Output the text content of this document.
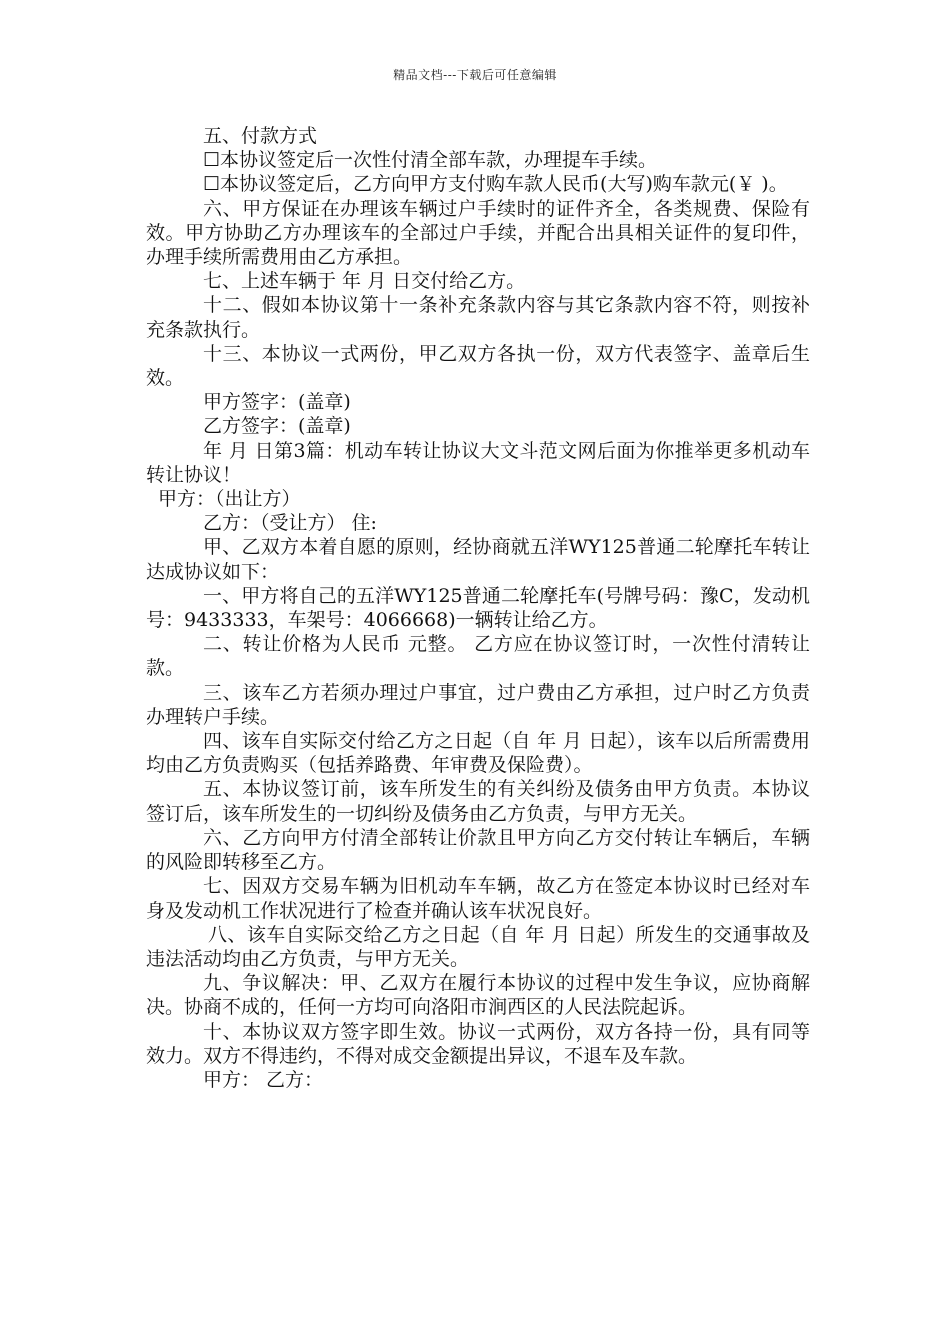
精品文档---下载后可任意编辑

五、付款方式

☐本协议签定后一次性付清全部车款，办理提车手续。

☐本协议签定后，乙方向甲方支付购车款人民币(大写)购车款元(￥ )。

六、甲方保证在办理该车辆过户手续时的证件齐全，各类规费、保险有效。甲方协助乙方办理该车的全部过户手续，并配合出具相关证件的复印件，办理手续所需费用由乙方承担。

七、上述车辆于 年 月 日交付给乙方。

十二、假如本协议第十一条补充条款内容与其它条款内容不符，则按补充条款执行。

十三、本协议一式两份，甲乙双方各执一份，双方代表签字、盖章后生效。

甲方签字：(盖章)

乙方签字：(盖章)

年 月 日第3篇：机动车转让协议大文斗范文网后面为你推举更多机动车转让协议！

甲方：（出让方）

乙方：（受让方） 住:

甲、乙双方本着自愿的原则，经协商就五洋WY125普通二轮摩托车转让达成协议如下：

一、甲方将自己的五洋WY125普通二轮摩托车(号牌号码：豫C，发动机号：9433333，车架号：4066668)一辆转让给乙方。

二、转让价格为人民币 元整。 乙方应在协议签订时，一次性付清转让款。

三、该车乙方若须办理过户事宜，过户费由乙方承担，过户时乙方负责办理转户手续。

四、该车自实际交付给乙方之日起（自 年 月 日起），该车以后所需费用均由乙方负责购买（包括养路费、年审费及保险费）。

五、本协议签订前，该车所发生的有关纠纷及债务由甲方负责。本协议签订后，该车所发生的一切纠纷及债务由乙方负责，与甲方无关。

六、乙方向甲方付清全部转让价款且甲方向乙方交付转让车辆后，车辆的风险即转移至乙方。

七、因双方交易车辆为旧机动车车辆，故乙方在签定本协议时已经对车身及发动机工作状况进行了检查并确认该车状况良好。

八、该车自实际交给乙方之日起（自 年 月 日起）所发生的交通事故及违法活动均由乙方负责，与甲方无关。

九、争议解决：甲、乙双方在履行本协议的过程中发生争议，应协商解决。协商不成的，任何一方均可向洛阳市涧西区的人民法院起诉。

十、本协议双方签字即生效。协议一式两份，双方各持一份，具有同等效力。双方不得违约，不得对成交金额提出异议，不退车及车款。

甲方： 乙方：
